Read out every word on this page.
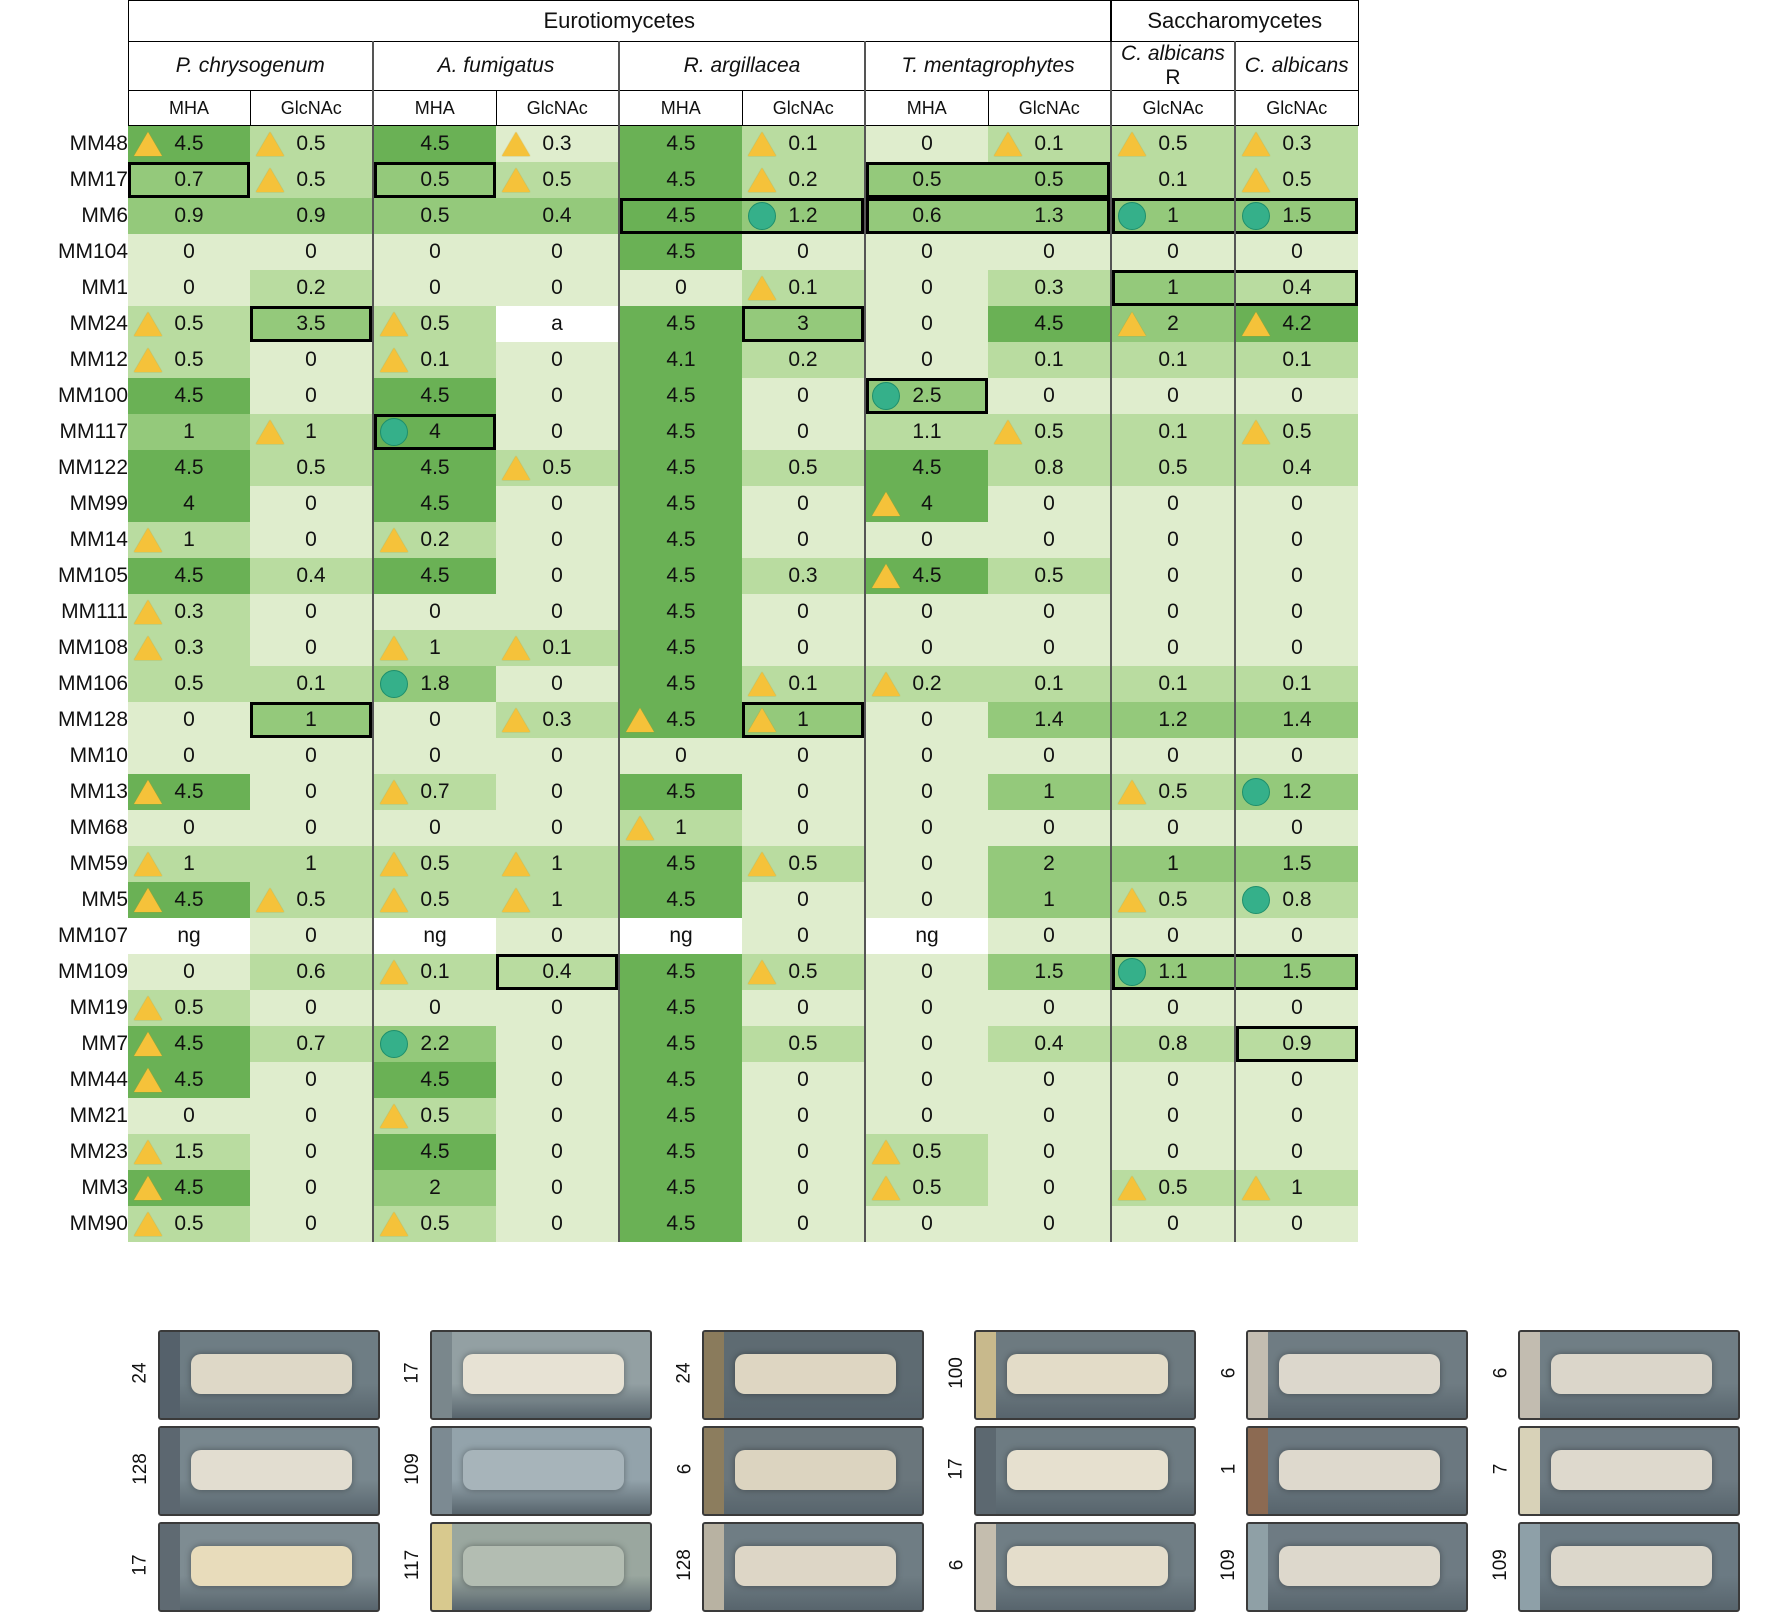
	Eurotiomycetes								Saccharomycetes	
	P. chrysogenum		A. fumigatus		R. argillacea		T. mentagrophytes		C. albicans R	C. albicans
	MHA	GlcNAc	MHA	GlcNAc	MHA	GlcNAc	MHA	GlcNAc	GlcNAc	GlcNAc
MM48	4.5	0.5	4.5	0.3	4.5	0.1	0	0.1	0.5	0.3
MM17	0.7	0.5	0.5	0.5	4.5	0.2	0.5	0.5	0.1	0.5
MM6	0.9	0.9	0.5	0.4	4.5	1.2	0.6	1.3	1	1.5
MM104	0	0	0	0	4.5	0	0	0	0	0
MM1	0	0.2	0	0	0	0.1	0	0.3	1	0.4
MM24	0.5	3.5	0.5	a	4.5	3	0	4.5	2	4.2
MM12	0.5	0	0.1	0	4.1	0.2	0	0.1	0.1	0.1
MM100	4.5	0	4.5	0	4.5	0	2.5	0	0	0
MM117	1	1	4	0	4.5	0	1.1	0.5	0.1	0.5
MM122	4.5	0.5	4.5	0.5	4.5	0.5	4.5	0.8	0.5	0.4
MM99	4	0	4.5	0	4.5	0	4	0	0	0
MM14	1	0	0.2	0	4.5	0	0	0	0	0
MM105	4.5	0.4	4.5	0	4.5	0.3	4.5	0.5	0	0
MM111	0.3	0	0	0	4.5	0	0	0	0	0
MM108	0.3	0	1	0.1	4.5	0	0	0	0	0
MM106	0.5	0.1	1.8	0	4.5	0.1	0.2	0.1	0.1	0.1
MM128	0	1	0	0.3	4.5	1	0	1.4	1.2	1.4
MM10	0	0	0	0	0	0	0	0	0	0
MM13	4.5	0	0.7	0	4.5	0	0	1	0.5	1.2
MM68	0	0	0	0	1	0	0	0	0	0
MM59	1	1	0.5	1	4.5	0.5	0	2	1	1.5
MM5	4.5	0.5	0.5	1	4.5	0	0	1	0.5	0.8
MM107	ng	0	ng	0	ng	0	ng	0	0	0
MM109	0	0.6	0.1	0.4	4.5	0.5	0	1.5	1.1	1.5
MM19	0.5	0	0	0	4.5	0	0	0	0	0
MM7	4.5	0.7	2.2	0	4.5	0.5	0	0.4	0.8	0.9
MM44	4.5	0	4.5	0	4.5	0	0	0	0	0
MM21	0	0	0.5	0	4.5	0	0	0	0	0
MM23	1.5	0	4.5	0	4.5	0	0.5	0	0	0
MM3	4.5	0	2	0	4.5	0	0.5	0	0.5	1
MM90	0.5	0	0.5	0	4.5	0	0	0	0	0
24
128
17
17
109
117
24
6
128
100
17
6
6
1
109
6
7
109
